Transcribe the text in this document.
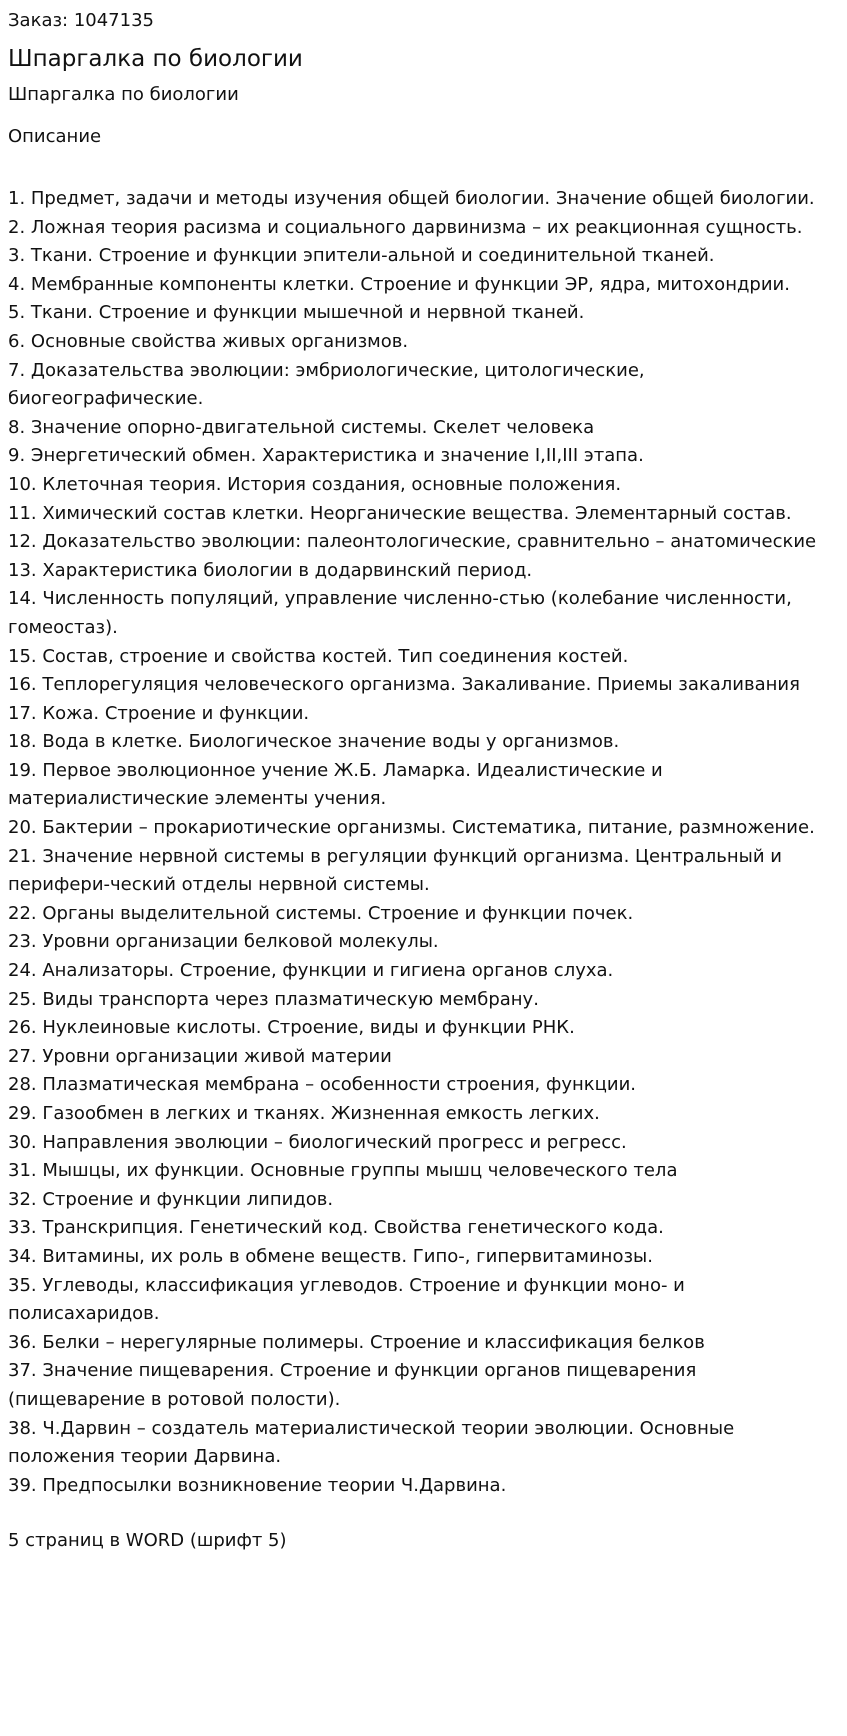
Заказ: 1047135

Шпаргалка по биологии

Шпаргалка по биологии

Описание

1. Предмет, задачи и методы изучения общей биологии. Значение общей биологии.
2. Ложная теория расизма и социального дарвинизма – их реакционная сущность.
3. Ткани. Строение и функции эпители-альной и соединительной тканей.
4. Мембранные компоненты клетки. Строение и функции ЭР, ядра, митохондрии.
5. Ткани. Строение и функции мышечной и нервной тканей.
6. Основные свойства живых организмов.
7. Доказательства эволюции: эмбриологические, цитологические, биогеографические.
8. Значение опорно-двигательной системы. Скелет человека
9. Энергетический обмен. Характеристика и значение I,II,III этапа.
10. Клеточная теория. История создания, основные положения.
11. Химический состав клетки. Неорганические вещества. Элементарный состав.
12. Доказательство эволюции: палеонтологические, сравнительно – анатомические
13. Характеристика биологии в додарвинский период.
14. Численность популяций, управление численно-стью (колебание численности, гомеостаз).
15. Состав, строение и свойства костей. Тип соединения костей.
16. Теплорегуляция человеческого организма. Закаливание. Приемы закаливания
17. Кожа. Строение и функции.
18. Вода в клетке. Биологическое значение воды у организмов.
19. Первое эволюционное учение Ж.Б. Ламарка. Идеалистические и материалистические элементы учения.
20. Бактерии – прокариотические организмы. Систематика, питание, размножение.
21. Значение нервной системы в регуляции функций организма. Центральный и перифери-ческий отделы нервной системы.
22. Органы выделительной системы. Строение и функции почек.
23. Уровни организации белковой молекулы.
24. Анализаторы. Строение, функции и гигиена органов слуха.
25. Виды транспорта через плазматическую мембрану.
26. Нуклеиновые кислоты. Строение, виды и функции РНК.
27. Уровни организации живой материи
28. Плазматическая мембрана – особенности строения, функции.
29. Газообмен в легких и тканях. Жизненная емкость легких.
30. Направления эволюции – биологический прогресс и регресс.
31. Мышцы, их функции. Основные группы мышц человеческого тела
32. Строение и функции липидов.
33. Транскрипция. Генетический код. Свойства генетического кода.
34. Витамины, их роль в обмене веществ. Гипо-, гипервитаминозы.
35. Углеводы, классификация углеводов. Строение и функции моно- и полисахаридов.
36. Белки – нерегулярные полимеры. Строение и классификация белков
37. Значение пищеварения. Строение и функции органов пищеварения (пищеварение в ротовой полости).
38. Ч.Дарвин – создатель материалистической теории эволюции. Основные положения теории Дарвина.
39. Предпосылки возникновение теории Ч.Дарвина.

5 страниц в WORD (шрифт 5)
